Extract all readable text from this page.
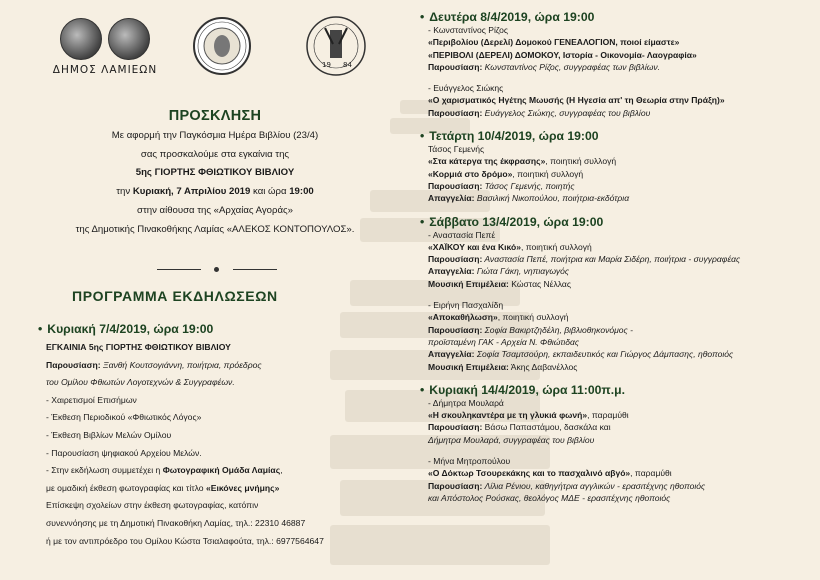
ΔΗΜΟΣ ΛΑΜΙΕΩΝ	19 84
ΠΡΟΣΚΛΗΣΗ
Με αφορμή την Παγκόσμια Ημέρα Βιβλίου (23/4)
σας προσκαλούμε στα εγκαίνια της
5ης ΓΙΟΡΤΗΣ ΦΘΙΩΤΙΚΟΥ ΒΙΒΛΙΟΥ
την Κυριακή, 7 Απριλίου 2019 και ώρα 19:00
στην αίθουσα της «Αρχαίας Αγοράς»
της Δημοτικής Πινακοθήκης Λαμίας «ΑΛΕΚΟΣ ΚΟΝΤΟΠΟΥΛΟΣ».
ΠΡΟΓΡΑΜΜΑ ΕΚΔΗΛΩΣΕΩΝ
• Κυριακή 7/4/2019, ώρα 19:00
ΕΓΚΑΙΝΙΑ 5ης ΓΙΟΡΤΗΣ ΦΘΙΩΤΙΚΟΥ ΒΙΒΛΙΟΥ
Παρουσίαση: Ξανθή Κουτσογιάννη, ποιήτρια, πρόεδρος
του Ομίλου Φθιωτών Λογοτεχνών & Συγγραφέων.
- Χαιρετισμοί Επισήμων
- Έκθεση Περιοδικού «Φθιωτικός Λόγος»
- Έκθεση Βιβλίων Μελών Ομίλου
- Παρουσίαση ψηφιακού Αρχείου Μελών.
- Στην εκδήλωση συμμετέχει η Φωτογραφική Ομάδα Λαμίας,
με ομαδική έκθεση φωτογραφίας και τίτλο «Εικόνες μνήμης»
Επίσκεψη σχολείων στην έκθεση φωτογραφίας, κατόπιν
συνεννόησης με τη Δημοτική Πινακοθήκη Λαμίας, τηλ.: 22310 46887
ή με τον αντιπρόεδρο του Ομίλου Κώστα Τσιαλαφούτα, τηλ.: 6977564647
• Δευτέρα 8/4/2019, ώρα 19:00
- Κωνσταντίνος Ρίζος
«Περιβολίου (Δερελί) Δομοκού ΓΕΝΕΑΛΟΓΙΟΝ, ποιοί είμαστε»
«ΠΕΡΙΒΟΛΙ (ΔΕΡΕΛΙ) ΔΟΜΟΚΟΥ, Ιστορία - Οικονομία- Λαογραφία»
Παρουσίαση: Κωνσταντίνος Ρίζος, συγγραφέας των βιβλίων.
- Ευάγγελος Σιώκης
«Ο χαρισματικός Ηγέτης Μωυσής (Η Ηγεσία απ' τη Θεωρία στην Πράξη)»
Παρουσίαση: Ευάγγελος Σιώκης, συγγραφέας του βιβλίου
• Τετάρτη 10/4/2019, ώρα 19:00
Τάσος Γεμενής
«Στα κάτεργα της έκφρασης», ποιητική συλλογή
«Κορμιά στο δρόμο», ποιητική συλλογή
Παρουσίαση: Τάσος Γεμενής, ποιητής
Απαγγελία: Βασιλική Νικοπούλου, ποιήτρια-εκδότρια
• Σάββατο 13/4/2019, ώρα 19:00
- Αναστασία Πεπέ
«ΧΑΪΚΟΥ και ένα Κικό», ποιητική συλλογή
Παρουσίαση: Αναστασία Πεπέ, ποιήτρια και Μαρία Σιδέρη, ποιήτρια - συγγραφέας
Απαγγελία: Γιώτα Γάκη, νηπιαγωγός
Μουσική Επιμέλεια: Κώστας Νέλλας
- Ειρήνη Πασχαλίδη
«Αποκαθήλωση», ποιητική συλλογή
Παρουσίαση: Σοφία Βακιρτζηδέλη, βιβλιοθηκονόμος -
προϊσταμένη ΓΑΚ - Αρχεία Ν. Φθιώτιδας
Απαγγελία: Σοφία Τσαμτσούρη, εκπαιδευτικός και Γιώργος Δάμπασης, ηθοποιός
Μουσική Επιμέλεια: Άκης Δαβανέλλος
• Κυριακή 14/4/2019, ώρα 11:00π.μ.
- Δήμητρα Μουλαρά
«Η σκουληκαντέρα με τη γλυκιά φωνή», παραμύθι
Παρουσίαση: Βάσω Παπαστάμου, δασκάλα και
Δήμητρα Μουλαρά, συγγραφέας του βιβλίου
- Μήνα Μητροπούλου
«Ο Δόκτωρ Τσουρεκάκης και το πασχαλινό αβγό», παραμύθι
Παρουσίαση: Λίλια Ρένιου, καθηγήτρια αγγλικών - ερασιτέχνης ηθοποιός
και Απόστολος Ρούσκας, θεολόγος ΜΔΕ - ερασιτέχνης ηθοποιός
